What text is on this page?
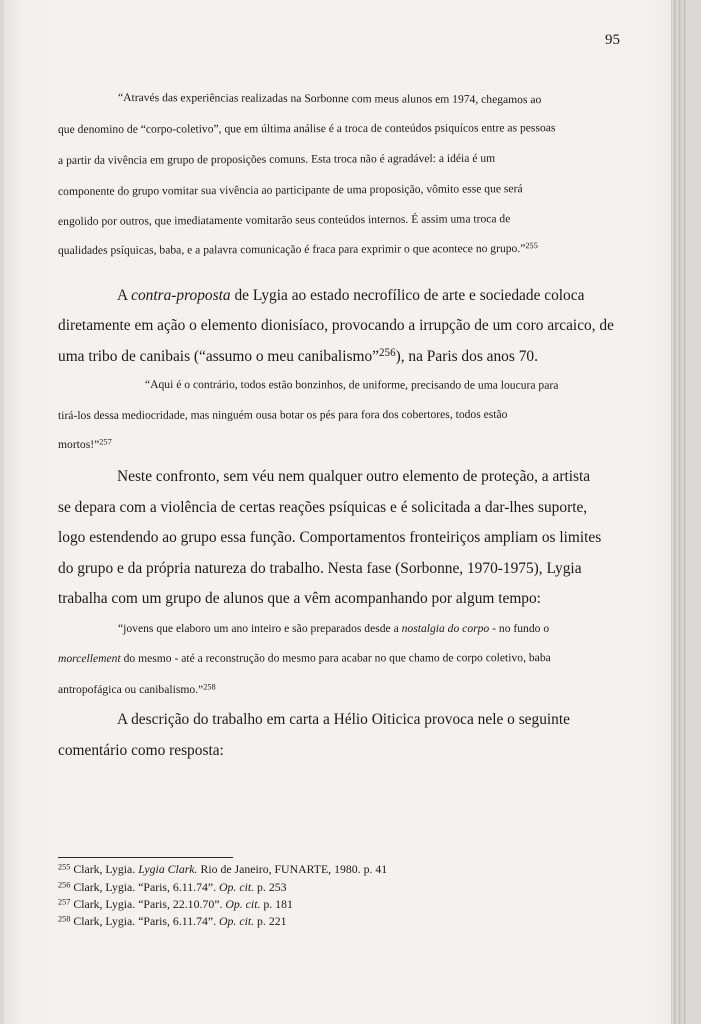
95
“Através das experiências realizadas na Sorbonne com meus alunos em 1974, chegamos ao
que denomino de “corpo-coletivo”, que em última análise é a troca de conteúdos psiquícos entre as pessoas
a partir da vivência em grupo de proposições comuns. Esta troca não é agradável: a idéia é um
componente do grupo vomitar sua vivência ao participante de uma proposição, vômito esse que será
engolido por outros, que imediatamente vomitarão seus conteúdos internos. É assim uma troca de
qualidades psíquicas, baba, e a palavra comunicação é fraca para exprimir o que acontece no grupo.”$^{255}$
A contra-proposta de Lygia ao estado necrofílico de arte e sociedade coloca
diretamente em ação o elemento dionisíaco, provocando a irrupção de um coro arcaico, de
uma tribo de canibais (“assumo o meu canibalismo”$^{256}$), na Paris dos anos 70.
“Aqui é o contrário, todos estão bonzinhos, de uniforme, precisando de uma loucura para
tirá-los dessa mediocridade, mas ninguém ousa botar os pés para fora dos cobertores, todos estão
mortos!”$^{257}$
Neste confronto, sem véu nem qualquer outro elemento de proteção, a artista
se depara com a violência de certas reações psíquicas e é solicitada a dar-lhes suporte,
logo estendendo ao grupo essa função. Comportamentos fronteiriços ampliam os limites
do grupo e da própria natureza do trabalho. Nesta fase (Sorbonne, 1970-1975), Lygia
trabalha com um grupo de alunos que a vêm acompanhando por algum tempo:
“jovens que elaboro um ano inteiro e são preparados desde a nostalgia do corpo - no fundo o
morcellement do mesmo - até a reconstrução do mesmo para acabar no que chamo de corpo coletivo, baba
antropofágica ou canibalismo.”$^{258}$
A descrição do trabalho em carta a Hélio Oiticica provoca nele o seguinte
comentário como resposta:
$^{255}$ Clark, Lygia. Lygia Clark. Rio de Janeiro, FUNARTE, 1980. p. 41
$^{256}$ Clark, Lygia. “Paris, 6.11.74”. Op. cit. p. 253
$^{257}$ Clark, Lygia. “Paris, 22.10.70”. Op. cit. p. 181
$^{258}$ Clark, Lygia. “Paris, 6.11.74”. Op. cit. p. 221
